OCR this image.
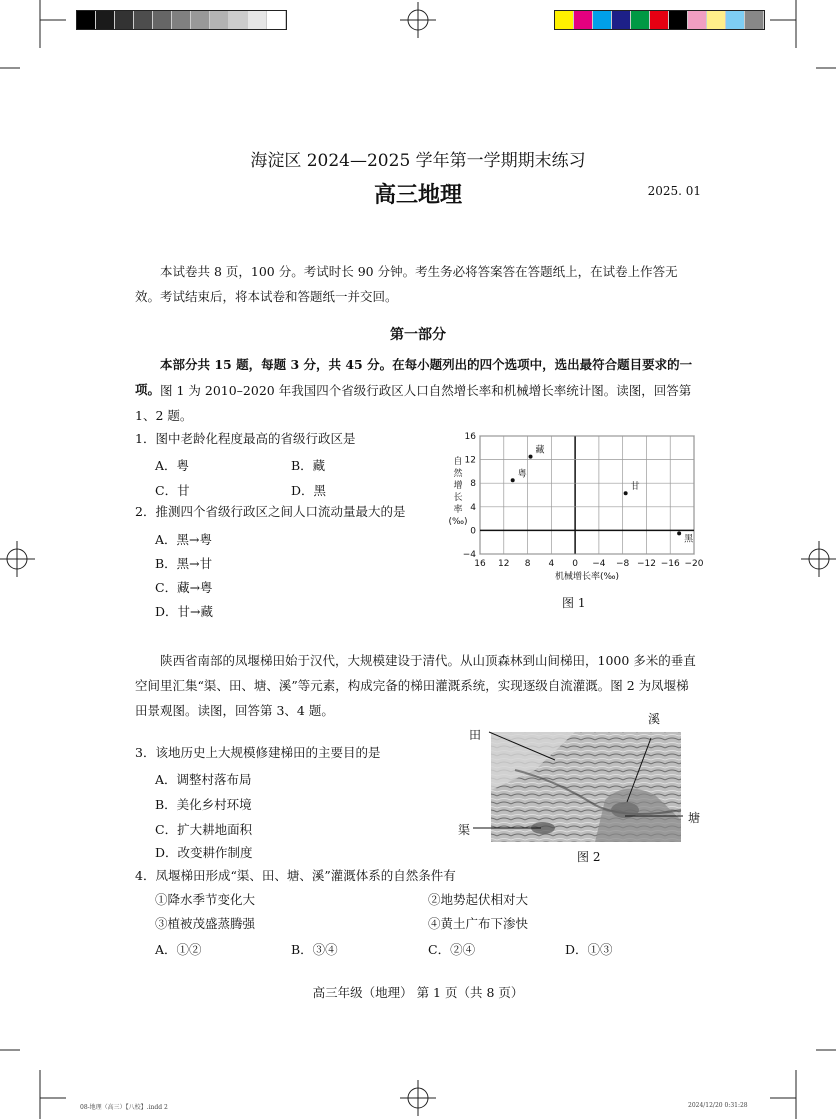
海淀区 2024—2025 学年第一学期期末练习
高三地理	2025. 01
本试卷共 8 页，100 分。考试时长 90 分钟。考生务必将答案答在答题纸上，在试卷上作答无效。考试结束后，将本试卷和答题纸一并交回。
第一部分
本部分共 15 题，每题 3 分，共 45 分。在每小题列出的四个选项中，选出最符合题目要求的一项。 图 1 为 2010–2020 年我国四个省级行政区人口自然增长率和机械增长率统计图。读图，回答第 1、2 题。
1．图中老龄化程度最高的省级行政区是
A．粤	B．藏
C．甘	D．黑
2．推测四个省级行政区之间人口流动量最大的是
A．黑→粤
B．黑→甘
C．藏→粤
D．甘→藏
16 12 8 4 0 −4 −8 −12 −16 −20
16
12
8
4
0
−4
自
然
增
长
率
(‰)
机械增长率(‰)
粤
藏
甘
黑
图 1
陕西省南部的凤堰梯田始于汉代，大规模建设于清代。从山顶森林到山间梯田，1000 多米的垂直空间里汇集“渠、田、塘、溪”等元素，构成完备的梯田灌溉系统，实现逐级自流灌溉。图 2 为凤堰梯田景观图。读图，回答第 3、4 题。
3．该地历史上大规模修建梯田的主要目的是
A．调整村落布局
B．美化乡村环境
C．扩大耕地面积
D．改变耕作制度
田
溪
渠
塘
图 2
4．凤堰梯田形成“渠、田、塘、溪”灌溉体系的自然条件有
①降水季节变化大	②地势起伏相对大
③植被茂盛蒸腾强	④黄土广布下渗快
A．①②	B．③④	C．②④	D．①③
高三年级（地理） 第 1 页（共 8 页）
08-地理（高三）【八校】.indd 2	2024/12/20 0:31:28
